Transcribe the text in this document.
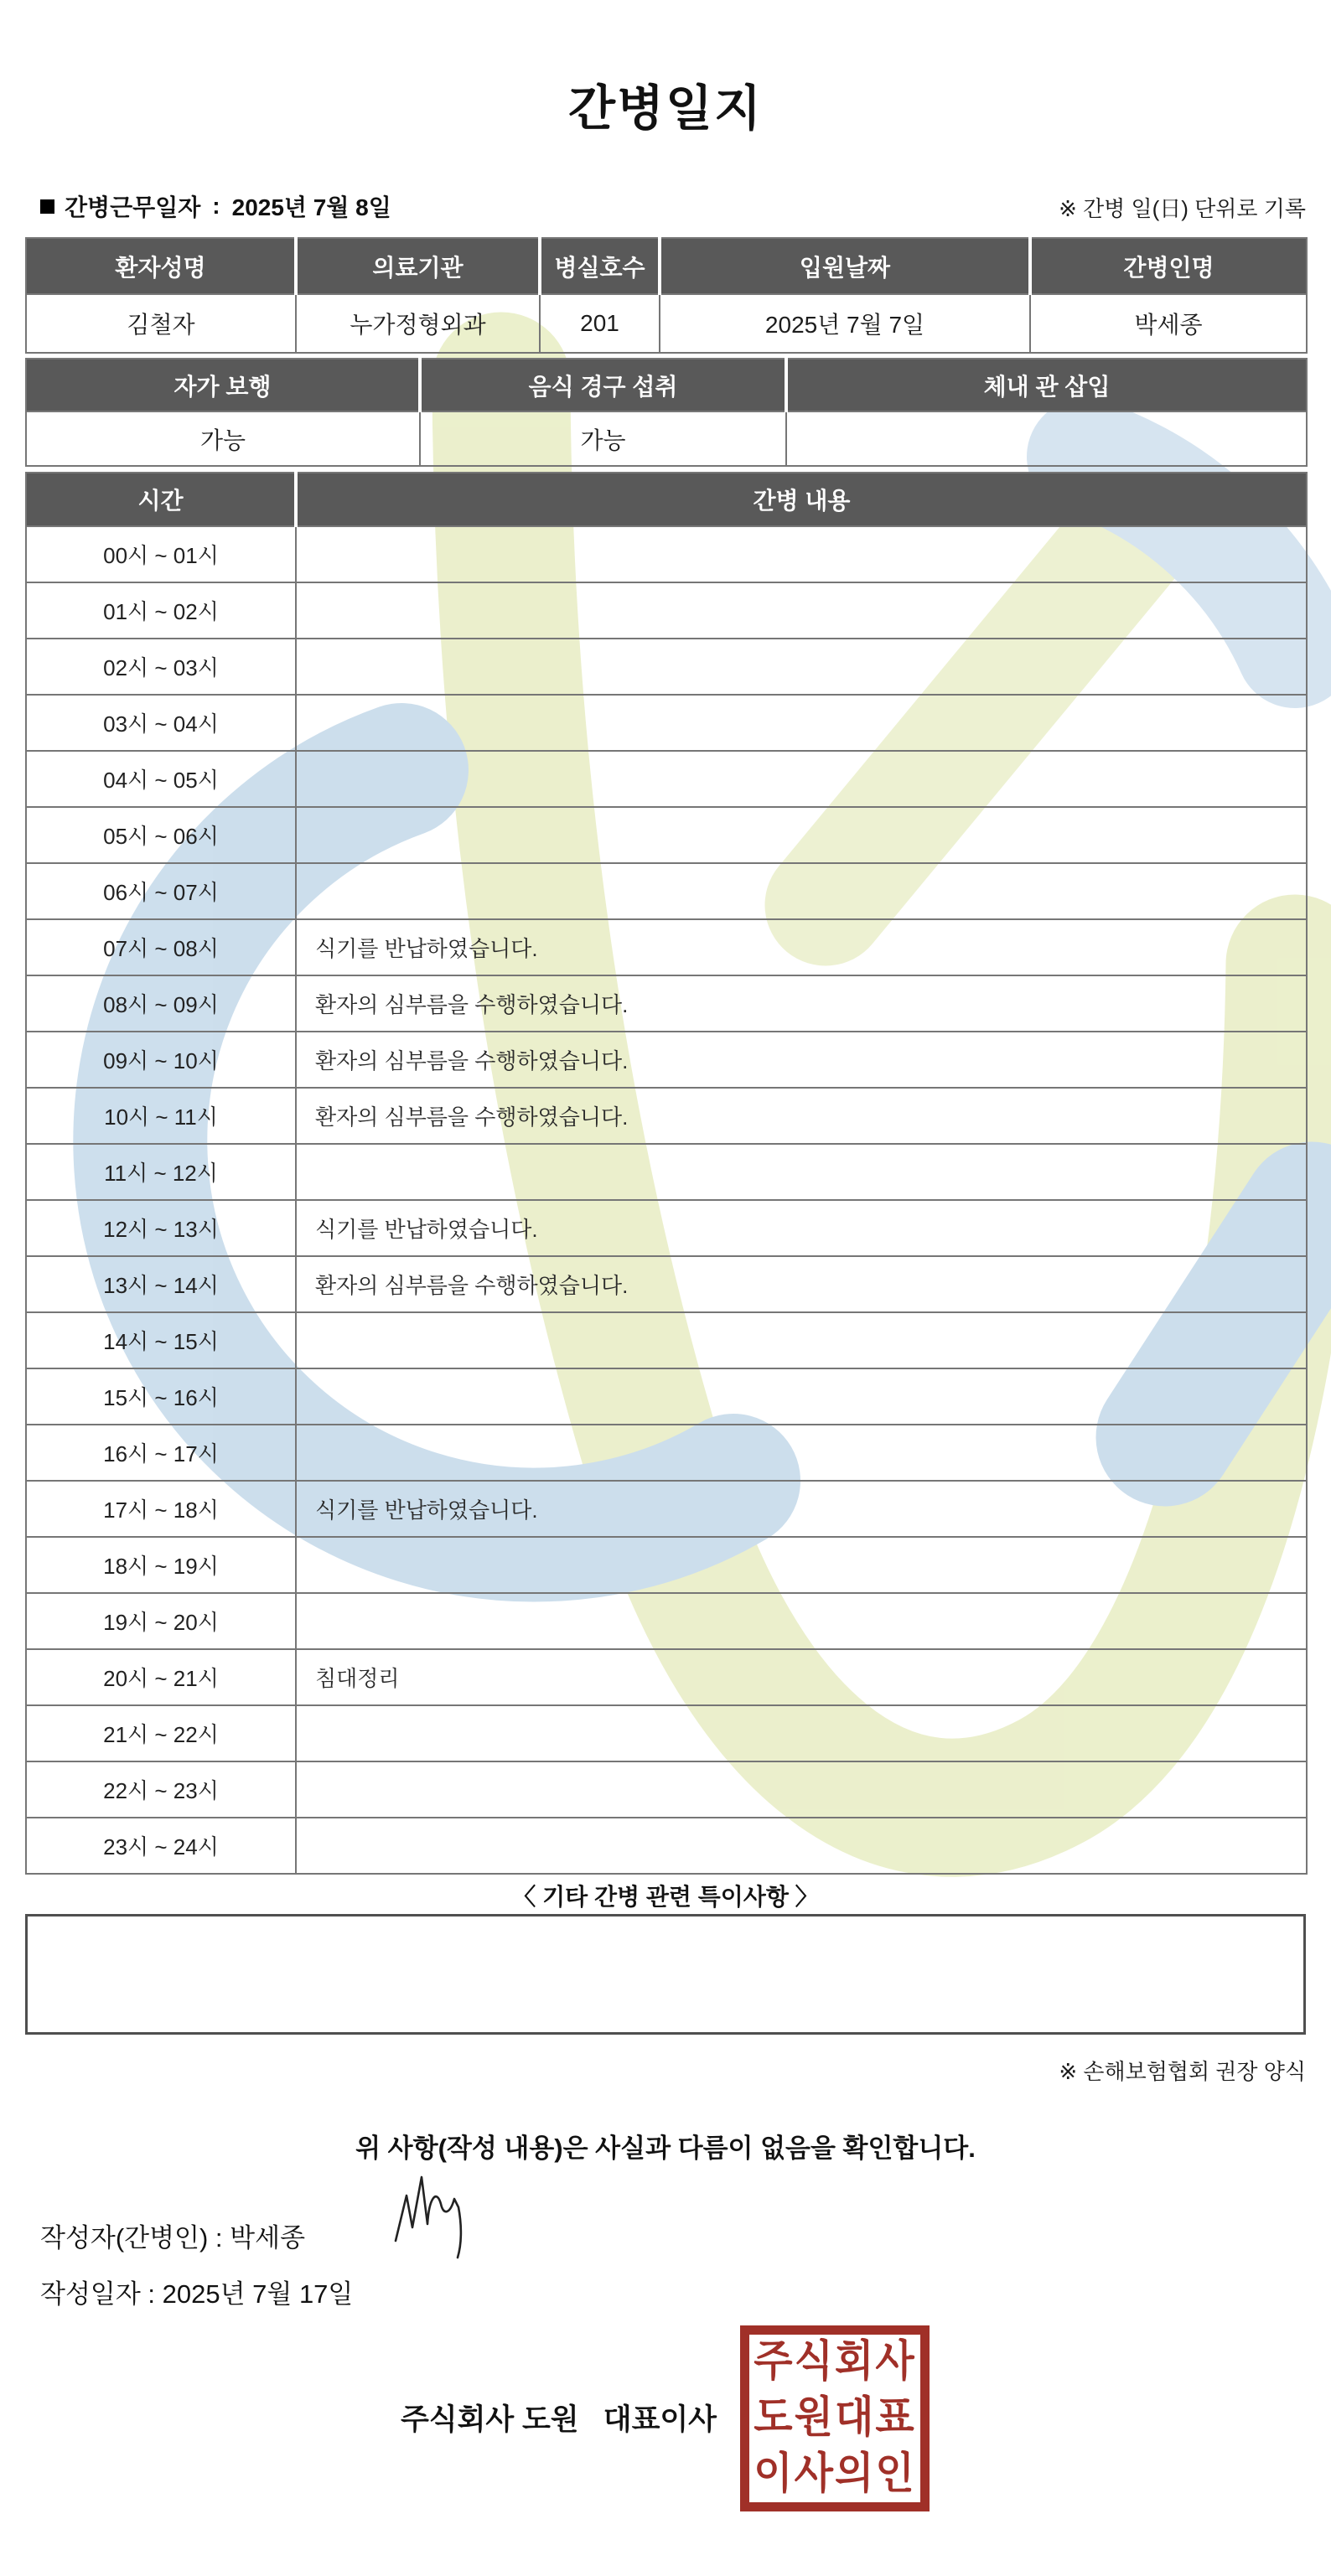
간병일지
간병근무일자 : 2025년 7월 8일	※ 간병 일(日) 단위로 기록
환자성명	의료기관	병실호수	입원날짜	간병인명
김철자	누가정형외과	201	2025년 7월 7일	박세종
자가 보행	음식 경구 섭취	체내 관 삽입
가능	가능	
시간	간병 내용
00시 ~ 01시	
01시 ~ 02시	
02시 ~ 03시	
03시 ~ 04시	
04시 ~ 05시	
05시 ~ 06시	
06시 ~ 07시	
07시 ~ 08시	식기를 반납하였습니다.
08시 ~ 09시	환자의 심부름을 수행하였습니다.
09시 ~ 10시	환자의 심부름을 수행하였습니다.
10시 ~ 11시	환자의 심부름을 수행하였습니다.
11시 ~ 12시	
12시 ~ 13시	식기를 반납하였습니다.
13시 ~ 14시	환자의 심부름을 수행하였습니다.
14시 ~ 15시	
15시 ~ 16시	
16시 ~ 17시	
17시 ~ 18시	식기를 반납하였습니다.
18시 ~ 19시	
19시 ~ 20시	
20시 ~ 21시	침대정리
21시 ~ 22시	
22시 ~ 23시	
23시 ~ 24시	
〈 기타 간병 관련 특이사항 〉
※ 손해보험협회 권장 양식
위 사항(작성 내용)은 사실과 다름이 없음을 확인합니다.
작성자(간병인) : 박세종
작성일자 : 2025년 7월 17일
주식회사 도원   대표이사
주식회사
도원대표
이사의인
